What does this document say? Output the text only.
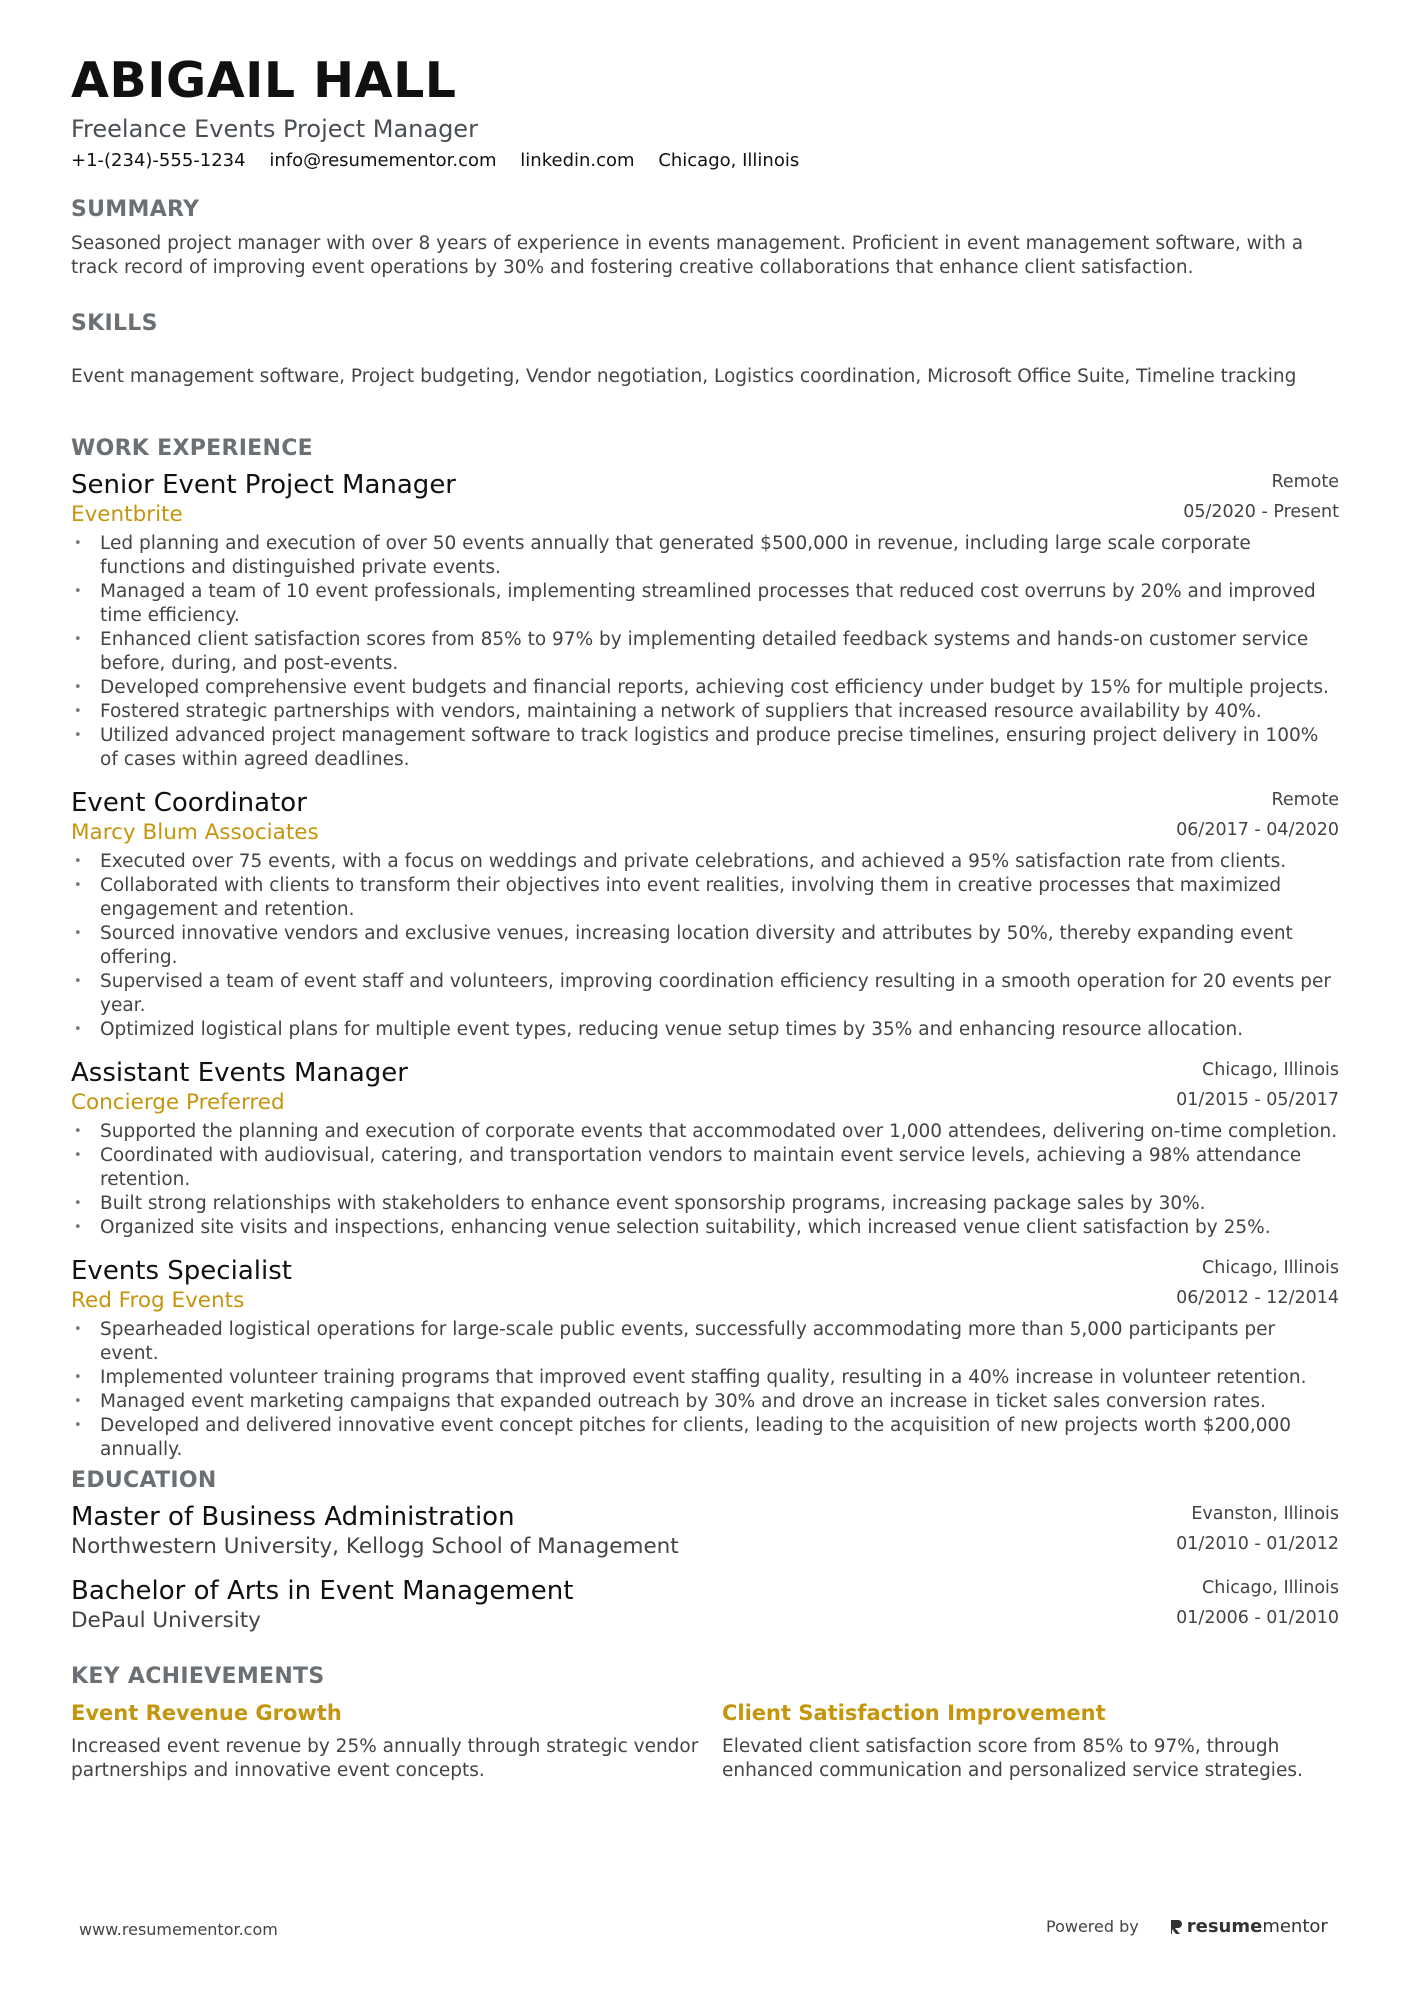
ABIGAIL HALL
Freelance Events Project Manager
+1-(234)-555-1234 info@resumementor.com linkedin.com Chicago, Illinois
SUMMARY
Seasoned project manager with over 8 years of experience in events management. Proficient in event management software, with a track record of improving event operations by 30% and fostering creative collaborations that enhance client satisfaction.
SKILLS
Event management software, Project budgeting, Vendor negotiation, Logistics coordination, Microsoft Office Suite, Timeline tracking
WORK EXPERIENCE
Senior Event Project Manager	Remote
Eventbrite	05/2020 - Present
• Led planning and execution of over 50 events annually that generated $500,000 in revenue, including large scale corporate functions and distinguished private events.
• Managed a team of 10 event professionals, implementing streamlined processes that reduced cost overruns by 20% and improved time efficiency.
• Enhanced client satisfaction scores from 85% to 97% by implementing detailed feedback systems and hands-on customer service before, during, and post-events.
• Developed comprehensive event budgets and financial reports, achieving cost efficiency under budget by 15% for multiple projects.
• Fostered strategic partnerships with vendors, maintaining a network of suppliers that increased resource availability by 40%.
• Utilized advanced project management software to track logistics and produce precise timelines, ensuring project delivery in 100% of cases within agreed deadlines.
Event Coordinator	Remote
Marcy Blum Associates	06/2017 - 04/2020
• Executed over 75 events, with a focus on weddings and private celebrations, and achieved a 95% satisfaction rate from clients.
• Collaborated with clients to transform their objectives into event realities, involving them in creative processes that maximized engagement and retention.
• Sourced innovative vendors and exclusive venues, increasing location diversity and attributes by 50%, thereby expanding event offering.
• Supervised a team of event staff and volunteers, improving coordination efficiency resulting in a smooth operation for 20 events per year.
• Optimized logistical plans for multiple event types, reducing venue setup times by 35% and enhancing resource allocation.
Assistant Events Manager	Chicago, Illinois
Concierge Preferred	01/2015 - 05/2017
• Supported the planning and execution of corporate events that accommodated over 1,000 attendees, delivering on-time completion.
• Coordinated with audiovisual, catering, and transportation vendors to maintain event service levels, achieving a 98% attendance retention.
• Built strong relationships with stakeholders to enhance event sponsorship programs, increasing package sales by 30%.
• Organized site visits and inspections, enhancing venue selection suitability, which increased venue client satisfaction by 25%.
Events Specialist	Chicago, Illinois
Red Frog Events	06/2012 - 12/2014
• Spearheaded logistical operations for large-scale public events, successfully accommodating more than 5,000 participants per event.
• Implemented volunteer training programs that improved event staffing quality, resulting in a 40% increase in volunteer retention.
• Managed event marketing campaigns that expanded outreach by 30% and drove an increase in ticket sales conversion rates.
• Developed and delivered innovative event concept pitches for clients, leading to the acquisition of new projects worth $200,000 annually.
EDUCATION
Master of Business Administration	Evanston, Illinois
Northwestern University, Kellogg School of Management	01/2010 - 01/2012
Bachelor of Arts in Event Management	Chicago, Illinois
DePaul University	01/2006 - 01/2010
KEY ACHIEVEMENTS
Event Revenue Growth
Increased event revenue by 25% annually through strategic vendor partnerships and innovative event concepts.
Client Satisfaction Improvement
Elevated client satisfaction score from 85% to 97%, through enhanced communication and personalized service strategies.
www.resumementor.com	Powered by	resume mentor
